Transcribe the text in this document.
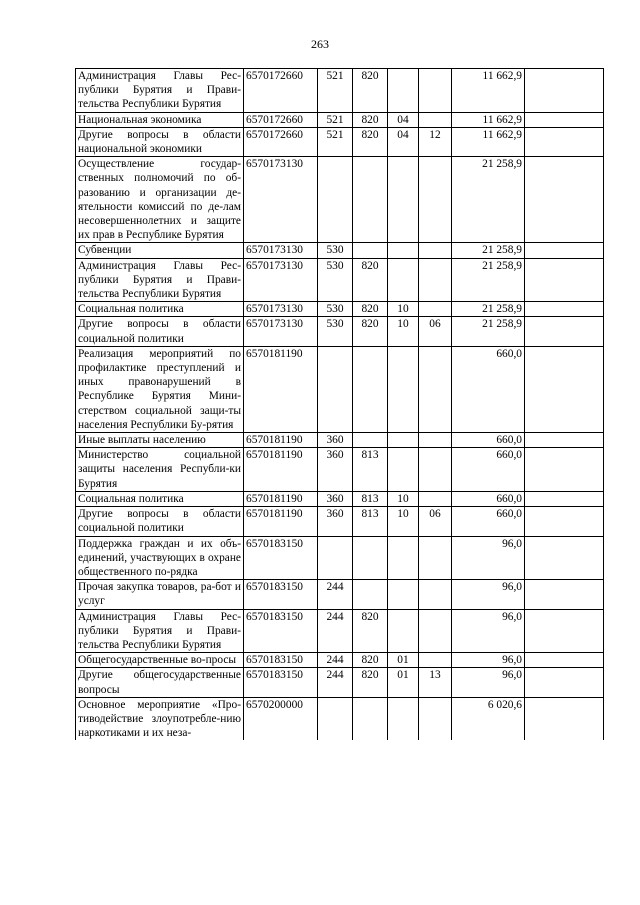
263
Администрация Главы Рес-публики Бурятия и Прави-тельства Республики Бурятия	6570172660	521	820			11 662,9	
Национальная экономика	6570172660	521	820	04		11 662,9	
Другие вопросы в области национальной экономики	6570172660	521	820	04	12	11 662,9	
Осуществление государ-ственных полномочий по об-разованию и организации де-ятельности комиссий по де-лам несовершеннолетних и защите их прав в Республике Бурятия	6570173130					21 258,9	
Субвенции	6570173130	530				21 258,9	
Администрация Главы Рес-публики Бурятия и Прави-тельства Республики Бурятия	6570173130	530	820			21 258,9	
Социальная политика	6570173130	530	820	10		21 258,9	
Другие вопросы в области социальной политики	6570173130	530	820	10	06	21 258,9	
Реализация мероприятий по профилактике преступлений и иных правонарушений в Республике Бурятия Мини-стерством социальной защи-ты населения Республики Бу-рятия	6570181190					660,0	
Иные выплаты населению	6570181190	360				660,0	
Министерство социальной защиты населения Республи-ки Бурятия	6570181190	360	813			660,0	
Социальная политика	6570181190	360	813	10		660,0	
Другие вопросы в области социальной политики	6570181190	360	813	10	06	660,0	
Поддержка граждан и их объ-единений, участвующих в охране общественного по-рядка	6570183150					96,0	
Прочая закупка товаров, ра-бот и услуг	6570183150	244				96,0	
Администрация Главы Рес-публики Бурятия и Прави-тельства Республики Бурятия	6570183150	244	820			96,0	
Общегосударственные во-просы	6570183150	244	820	01		96,0	
Другие общегосударственные вопросы	6570183150	244	820	01	13	96,0	
Основное мероприятие «Про-тиводействие злоупотребле-нию наркотиками и их неза-	6570200000					6 020,6	
